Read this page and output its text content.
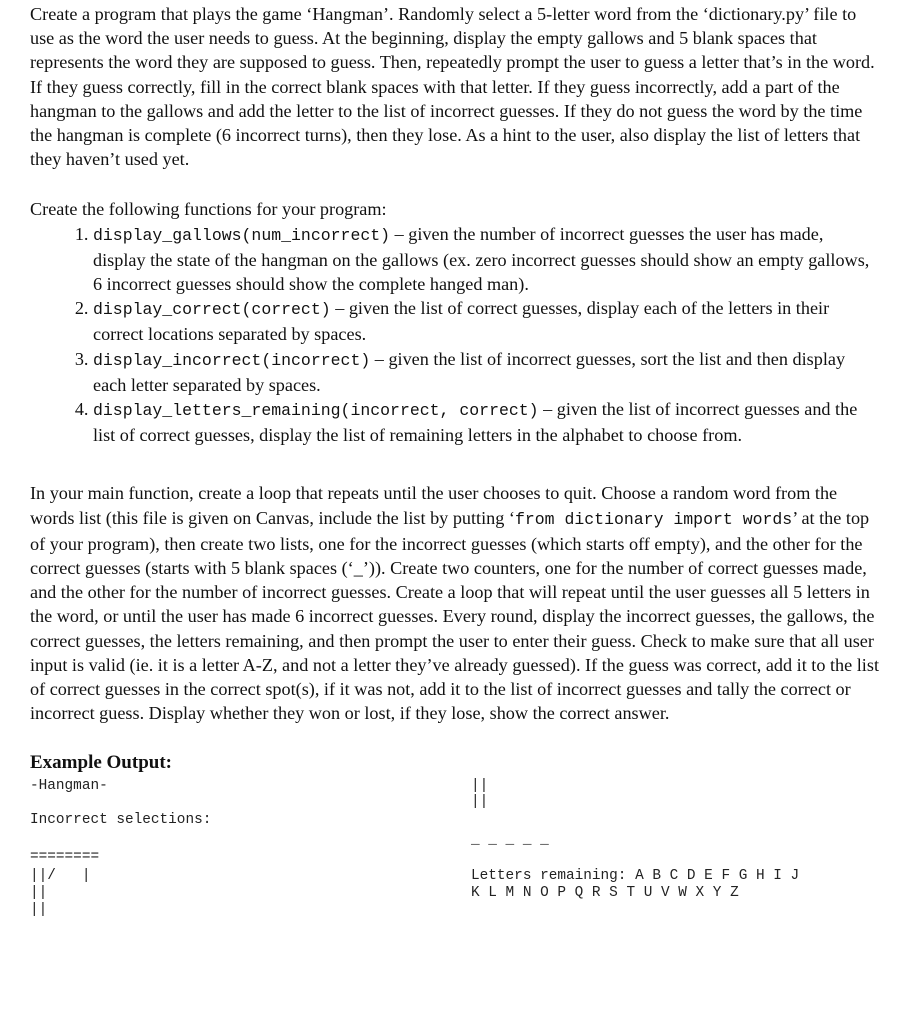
Create a program that plays the game ‘Hangman’. Randomly select a 5-letter word from the ‘dictionary.py’ file to use as the word the user needs to guess. At the beginning, display the empty gallows and 5 blank spaces that represents the word they are supposed to guess. Then, repeatedly prompt the user to guess a letter that’s in the word. If they guess correctly, fill in the correct blank spaces with that letter. If they guess incorrectly, add a part of the hangman to the gallows and add the letter to the list of incorrect guesses. If they do not guess the word by the time the hangman is complete (6 incorrect turns), then they lose. As a hint to the user, also display the list of letters that they haven’t used yet.

Create the following functions for your program:

1. display_gallows(num_incorrect) – given the number of incorrect guesses the user has made, display the state of the hangman on the gallows (ex. zero incorrect guesses should show an empty gallows, 6 incorrect guesses should show the complete hanged man).
2. display_correct(correct) – given the list of correct guesses, display each of the letters in their correct locations separated by spaces.
3. display_incorrect(incorrect) – given the list of incorrect guesses, sort the list and then display each letter separated by spaces.
4. display_letters_remaining(incorrect, correct) – given the list of incorrect guesses and the list of correct guesses, display the list of remaining letters in the alphabet to choose from.

In your main function, create a loop that repeats until the user chooses to quit. Choose a random word from the words list (this file is given on Canvas, include the list by putting ‘from dictionary import words’ at the top of your program), then create two lists, one for the incorrect guesses (which starts off empty), and the other for the correct guesses (starts with 5 blank spaces (‘_’)). Create two counters, one for the number of correct guesses made, and the other for the number of incorrect guesses. Create a loop that will repeat until the user guesses all 5 letters in the word, or until the user has made 6 incorrect guesses. Every round, display the incorrect guesses, the gallows, the correct guesses, the letters remaining, and then prompt the user to enter their guess. Check to make sure that all user input is valid (ie. it is a letter A-Z, and not a letter they’ve already guessed). If the guess was correct, add it to the list of correct guesses in the correct spot(s), if it was not, add it to the list of incorrect guesses and tally the correct or incorrect guess. Display whether they won or lost, if they lose, show the correct answer.

Example Output:

-Hangman-
Incorrect selections:
========
||/   |
||
||
||
||
_ _ _ _ _
Letters remaining: A B C D E F G H I J
K L M N O P Q R S T U V W X Y Z
